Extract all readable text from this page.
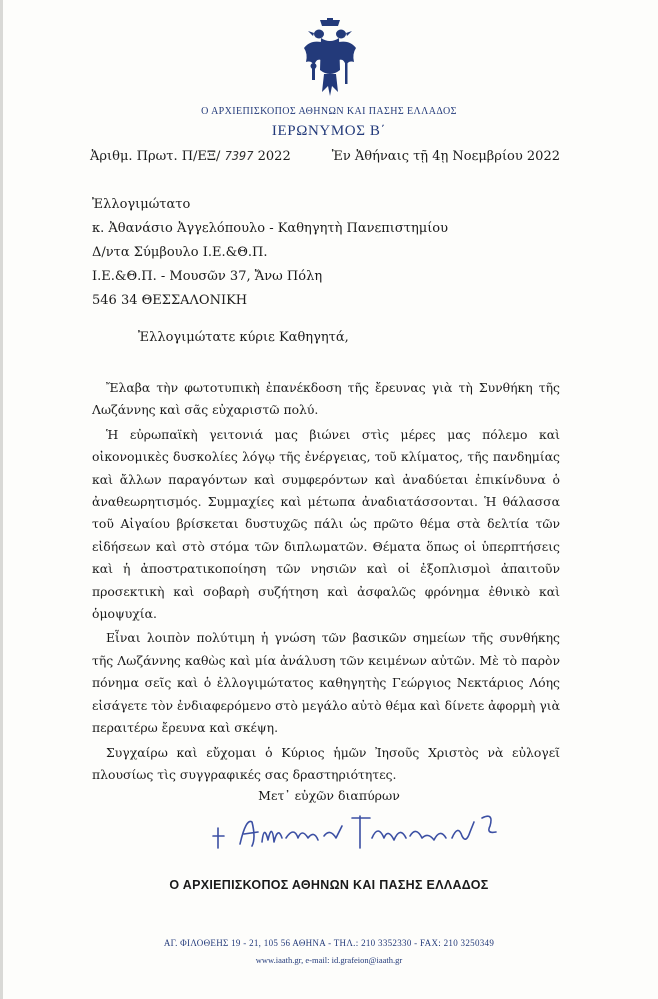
Ο ΑΡΧΙΕΠΙΣΚΟΠΟΣ ΑΘΗΝΩΝ ΚΑΙ ΠΑΣΗΣ ΕΛΛΑΔΟΣ
ΙΕΡΩΝΥΜΟΣ Β΄
Ἀριθμ. Πρωτ. Π/ΕΞ/ 7397 2022	Ἐν Ἀθήναις τῇ 4ῃ Νοεμβρίου 2022
Ἐλλογιμώτατο
κ. Ἀθανάσιο Ἀγγελόπουλο - Καθηγητὴ Πανεπιστημίου
Δ/ντα Σύμβουλο Ι.Ε.&Θ.Π.
Ι.Ε.&Θ.Π. - Μουσῶν 37, Ἄνω Πόλη
546 34 ΘΕΣΣΑΛΟΝΙΚΗ
Ἐλλογιμώτατε κύριε Καθηγητά,

Ἔλαβα τὴν φωτοτυπικὴ ἐπανέκδοση τῆς ἔρευνας γιὰ τὴ Συνθήκη τῆς Λωζάννης καὶ σᾶς εὐχαριστῶ πολύ.

Ἡ εὐρωπαϊκὴ γειτονιά μας βιώνει στὶς μέρες μας πόλεμο καὶ οἰκονομικὲς δυσκολίες λόγῳ τῆς ἐνέργειας, τοῦ κλίματος, τῆς πανδημίας καὶ ἄλλων παραγόντων καὶ συμφερόντων καὶ ἀναδύεται ἐπικίνδυνα ὁ ἀναθεωρητισμός. Συμμαχίες καὶ μέτωπα ἀναδιατάσσονται. Ἡ θάλασσα τοῦ Αἰγαίου βρίσκεται δυστυχῶς πάλι ὡς πρῶτο θέμα στὰ δελτία τῶν εἰδήσεων καὶ στὸ στόμα τῶν διπλωματῶν. Θέματα ὅπως οἱ ὑπερπτήσεις καὶ ἡ ἀποστρατικοποίηση τῶν νησιῶν καὶ οἱ ἐξοπλισμοὶ ἀπαιτοῦν προσεκτικὴ καὶ σοβαρὴ συζήτηση καὶ ἀσφαλῶς φρόνημα ἐθνικὸ καὶ ὁμοψυχία.

Εἶναι λοιπὸν πολύτιμη ἡ γνώση τῶν βασικῶν σημείων τῆς συνθήκης τῆς Λωζάννης καθὼς καὶ μία ἀνάλυση τῶν κειμένων αὐτῶν. Μὲ τὸ παρὸν πόνημα σεῖς καὶ ὁ ἐλλογιμώτατος καθηγητὴς Γεώργιος Νεκτάριος Λόης εἰσάγετε τὸν ἐνδιαφερόμενο στὸ μεγάλο αὐτὸ θέμα καὶ δίνετε ἀφορμὴ γιὰ περαιτέρω ἔρευνα καὶ σκέψη.

Συγχαίρω καὶ εὔχομαι ὁ Κύριος ἡμῶν Ἰησοῦς Χριστὸς νὰ εὐλογεῖ πλουσίως τὶς συγγραφικές σας δραστηριότητες.

Μετ᾽ εὐχῶν διαπύρων
Ο ΑΡΧΙΕΠΙΣΚΟΠΟΣ ΑΘΗΝΩΝ ΚΑΙ ΠΑΣΗΣ ΕΛΛΑΔΟΣ
ΑΓ. ΦΙΛΟΘΕΗΣ 19 - 21, 105 56 ΑΘΗΝΑ - ΤΗΛ.: 210 3352330 - FAX: 210 3250349
www.iaath.gr, e-mail: id.grafeion@iaath.gr
